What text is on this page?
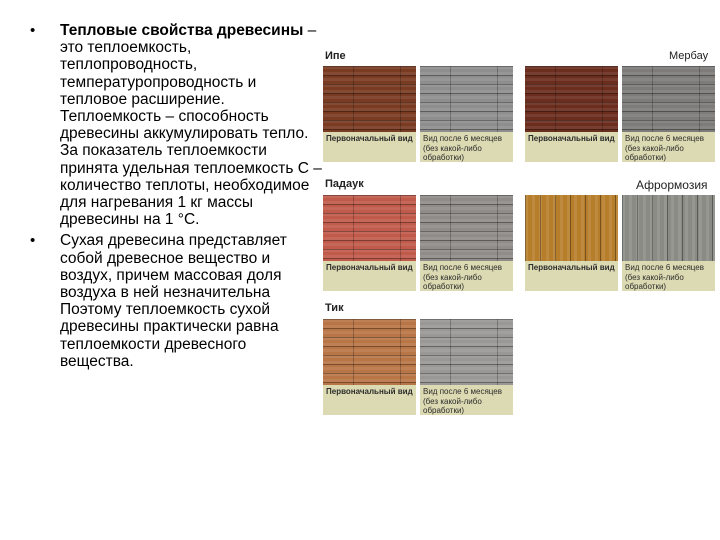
• Тепловые свойства древесины – это теплоемкость, теплопроводность, температуропроводность и тепловое расширение. Теплоемкость – способность древесины аккумулировать тепло. За показатель теплоемкости принята удельная теплоемкость С – количество теплоты, необходимое для нагревания 1 кг массы древесины на 1 °С.

• Сухая древесина представляет собой древесное вещество и воздух, причем массовая доля воздуха в ней незначительна Поэтому теплоемкость сухой древесины практически равна теплоемкости древесного вещества.

Ипе	Мербау
Первоначальный вид	Вид после 6 месяцев (без какой-либо обработки)
Первоначальный вид	Вид после 6 месяцев (без какой-либо обработки)
Падаук	Афрормозия
Первоначальный вид	Вид после 6 месяцев (без какой-либо обработки)
Первоначальный вид	Вид после 6 месяцев (без какой-либо обработки)
Тик
Первоначальный вид	Вид после 6 месяцев (без какой-либо обработки)
